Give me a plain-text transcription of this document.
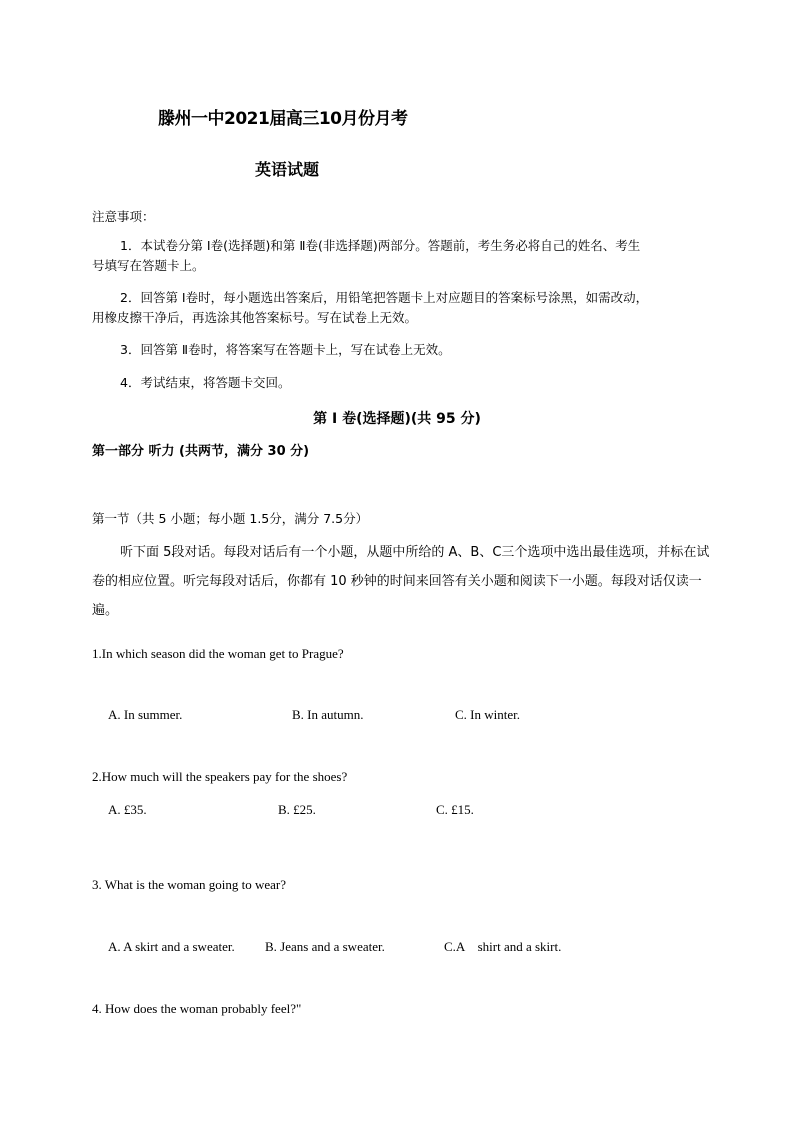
滕州一中2021届高三10月份月考
英语试题
注意事项：
1．本试卷分第 Ⅰ卷(选择题)和第 Ⅱ卷(非选择题)两部分。答题前，考生务必将自己的姓名、考生
号填写在答题卡上。
2．回答第 Ⅰ卷时，每小题选出答案后，用铅笔把答题卡上对应题目的答案标号涂黑，如需改动，
用橡皮擦干净后，再选涂其他答案标号。写在试卷上无效。
3．回答第 Ⅱ卷时，将答案写在答题卡上，写在试卷上无效。
4．考试结束，将答题卡交回。
第 Ⅰ 卷(选择题)(共 95 分)
第一部分 听力 (共两节，满分 30 分)
第一节（共 5 小题；每小题 1.5分，满分 7.5分）
听下面 5段对话。每段对话后有一个小题，从题中所给的 A、B、C三个选项中选出最佳选项，并标在试卷的相应位置。听完每段对话后，你都有 10 秒钟的时间来回答有关小题和阅读下一小题。每段对话仅读一遍。
1.In which season did the woman get to Prague?
A. In summer.	B. In autumn.	C. In winter.
2.How much will the speakers pay for the shoes?
A. £35.	B. £25.	C. £15.
3. What is the woman going to wear?
A. A skirt and a sweater. B. Jeans and a sweater.	C.A    shirt and a skirt.
4. How does the woman probably feel?"
